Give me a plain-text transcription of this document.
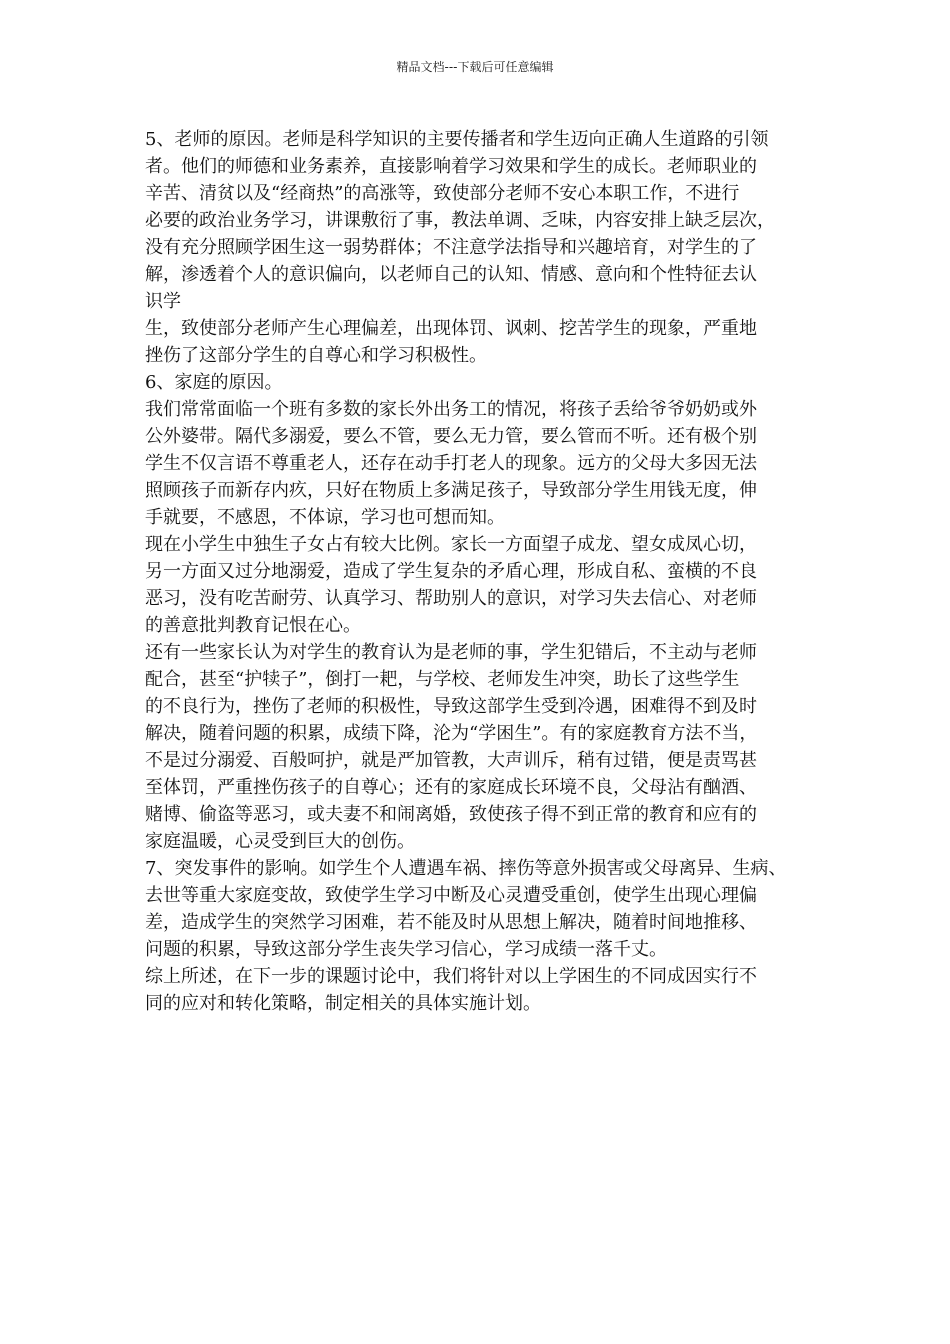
精品文档---下载后可任意编辑
5、老师的原因。老师是科学知识的主要传播者和学生迈向正确人生道路的引领
者。他们的师德和业务素养，直接影响着学习效果和学生的成长。老师职业的
辛苦、清贫以及“经商热”的高涨等，致使部分老师不安心本职工作，不进行
必要的政治业务学习，讲课敷衍了事，教法单调、乏味，内容安排上缺乏层次，
没有充分照顾学困生这一弱势群体；不注意学法指导和兴趣培育，对学生的了
解，渗透着个人的意识偏向，以老师自己的认知、情感、意向和个性特征去认
识学
生，致使部分老师产生心理偏差，出现体罚、讽刺、挖苦学生的现象，严重地
挫伤了这部分学生的自尊心和学习积极性。
6、家庭的原因。
我们常常面临一个班有多数的家长外出务工的情况，将孩子丢给爷爷奶奶或外
公外婆带。隔代多溺爱，要么不管，要么无力管，要么管而不听。还有极个别
学生不仅言语不尊重老人，还存在动手打老人的现象。远方的父母大多因无法
照顾孩子而新存内疚，只好在物质上多满足孩子，导致部分学生用钱无度，伸
手就要，不感恩，不体谅，学习也可想而知。
现在小学生中独生子女占有较大比例。家长一方面望子成龙、望女成凤心切，
另一方面又过分地溺爱，造成了学生复杂的矛盾心理，形成自私、蛮横的不良
恶习，没有吃苦耐劳、认真学习、帮助别人的意识，对学习失去信心、对老师
的善意批判教育记恨在心。
还有一些家长认为对学生的教育认为是老师的事，学生犯错后，不主动与老师
配合，甚至“护犊子”，倒打一耙，与学校、老师发生冲突，助长了这些学生
的不良行为，挫伤了老师的积极性，导致这部学生受到冷遇，困难得不到及时
解决，随着问题的积累，成绩下降，沦为“学困生”。有的家庭教育方法不当，
不是过分溺爱、百般呵护，就是严加管教，大声训斥，稍有过错，便是责骂甚
至体罚，严重挫伤孩子的自尊心；还有的家庭成长环境不良，父母沾有酗酒、
赌博、偷盗等恶习，或夫妻不和闹离婚，致使孩子得不到正常的教育和应有的
家庭温暖，心灵受到巨大的创伤。
7、突发事件的影响。如学生个人遭遇车祸、摔伤等意外损害或父母离异、生病、
去世等重大家庭变故，致使学生学习中断及心灵遭受重创，使学生出现心理偏
差，造成学生的突然学习困难，若不能及时从思想上解决，随着时间地推移、
问题的积累，导致这部分学生丧失学习信心，学习成绩一落千丈。
综上所述，在下一步的课题讨论中，我们将针对以上学困生的不同成因实行不
同的应对和转化策略，制定相关的具体实施计划。
